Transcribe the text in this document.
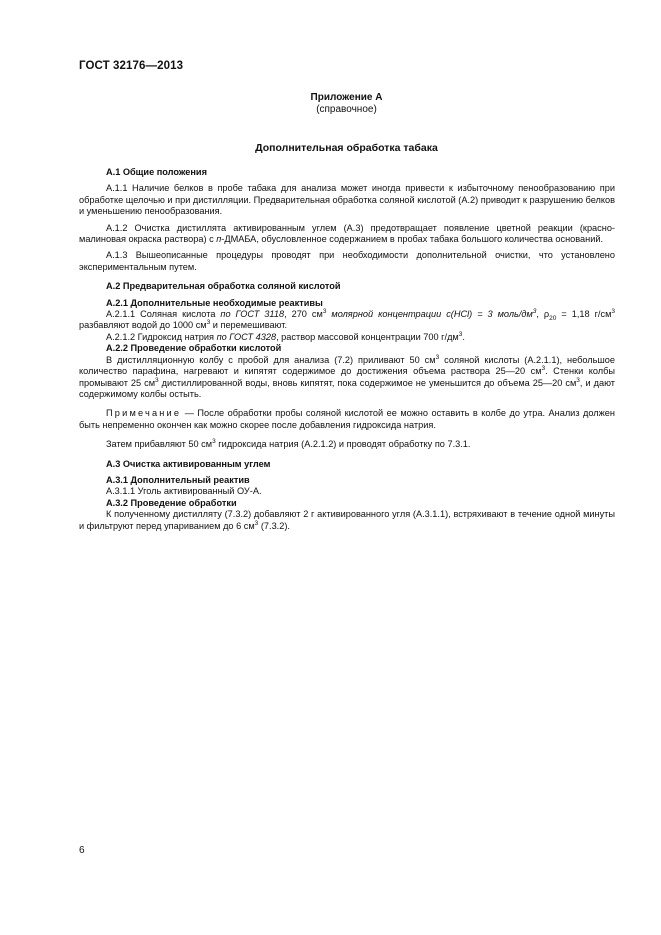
ГОСТ 32176—2013
Приложение А
(справочное)
Дополнительная обработка табака
А.1 Общие положения

А.1.1 Наличие белков в пробе табака для анализа может иногда привести к избыточному пенообразованию при обработке щелочью и при дистилляции. Предварительная обработка соляной кислотой (А.2) приводит к разрушению белков и уменьшению пенообразования.

А.1.2 Очистка дистиллята активированным углем (А.3) предотвращает появление цветной реакции (красно-малиновая окраска раствора) с п-ДМАБА, обусловленное содержанием в пробах табака большого количества оснований.

А.1.3 Вышеописанные процедуры проводят при необходимости дополнительной очистки, что установлено экспериментальным путем.

А.2 Предварительная обработка соляной кислотой
А.2.1 Дополнительные необходимые реактивы

А.2.1.1 Соляная кислота по ГОСТ 3118, 270 $см^3$ молярной концентрации c(HCl) = 3 моль/$дм^3$, $\rho_{20} = 1,18$ $г/см^3$ разбавляют водой до 1000 $см^3$ и перемешивают.

А.2.1.2 Гидроксид натрия по ГОСТ 4328, раствор массовой концентрации 700 $г/дм^3$.

А.2.2 Проведение обработки кислотой

В дистилляционную колбу с пробой для анализа (7.2) приливают 50 $см^3$ соляной кислоты (А.2.1.1), небольшое количество парафина, нагревают и кипятят содержимое до достижения объема раствора 25—20 $см^3$. Стенки колбы промывают 25 $см^3$ дистиллированной воды, вновь кипятят, пока содержимое не уменьшится до объема 25—20 $см^3$, и дают содержимому колбы остыть.

Примечание — После обработки пробы соляной кислотой ее можно оставить в колбе до утра. Анализ должен быть непременно окончен как можно скорее после добавления гидроксида натрия.

Затем прибавляют 50 $см^3$ гидроксида натрия (А.2.1.2) и проводят обработку по 7.3.1.

А.3 Очистка активированным углем
А.3.1 Дополнительный реактив

А.3.1.1 Уголь активированный ОУ-А.

А.3.2 Проведение обработки

К полученному дистилляту (7.3.2) добавляют 2 г активированного угля (А.3.1.1), встряхивают в течение одной минуты и фильтруют перед упариванием до 6 $см^3$ (7.3.2).

6
